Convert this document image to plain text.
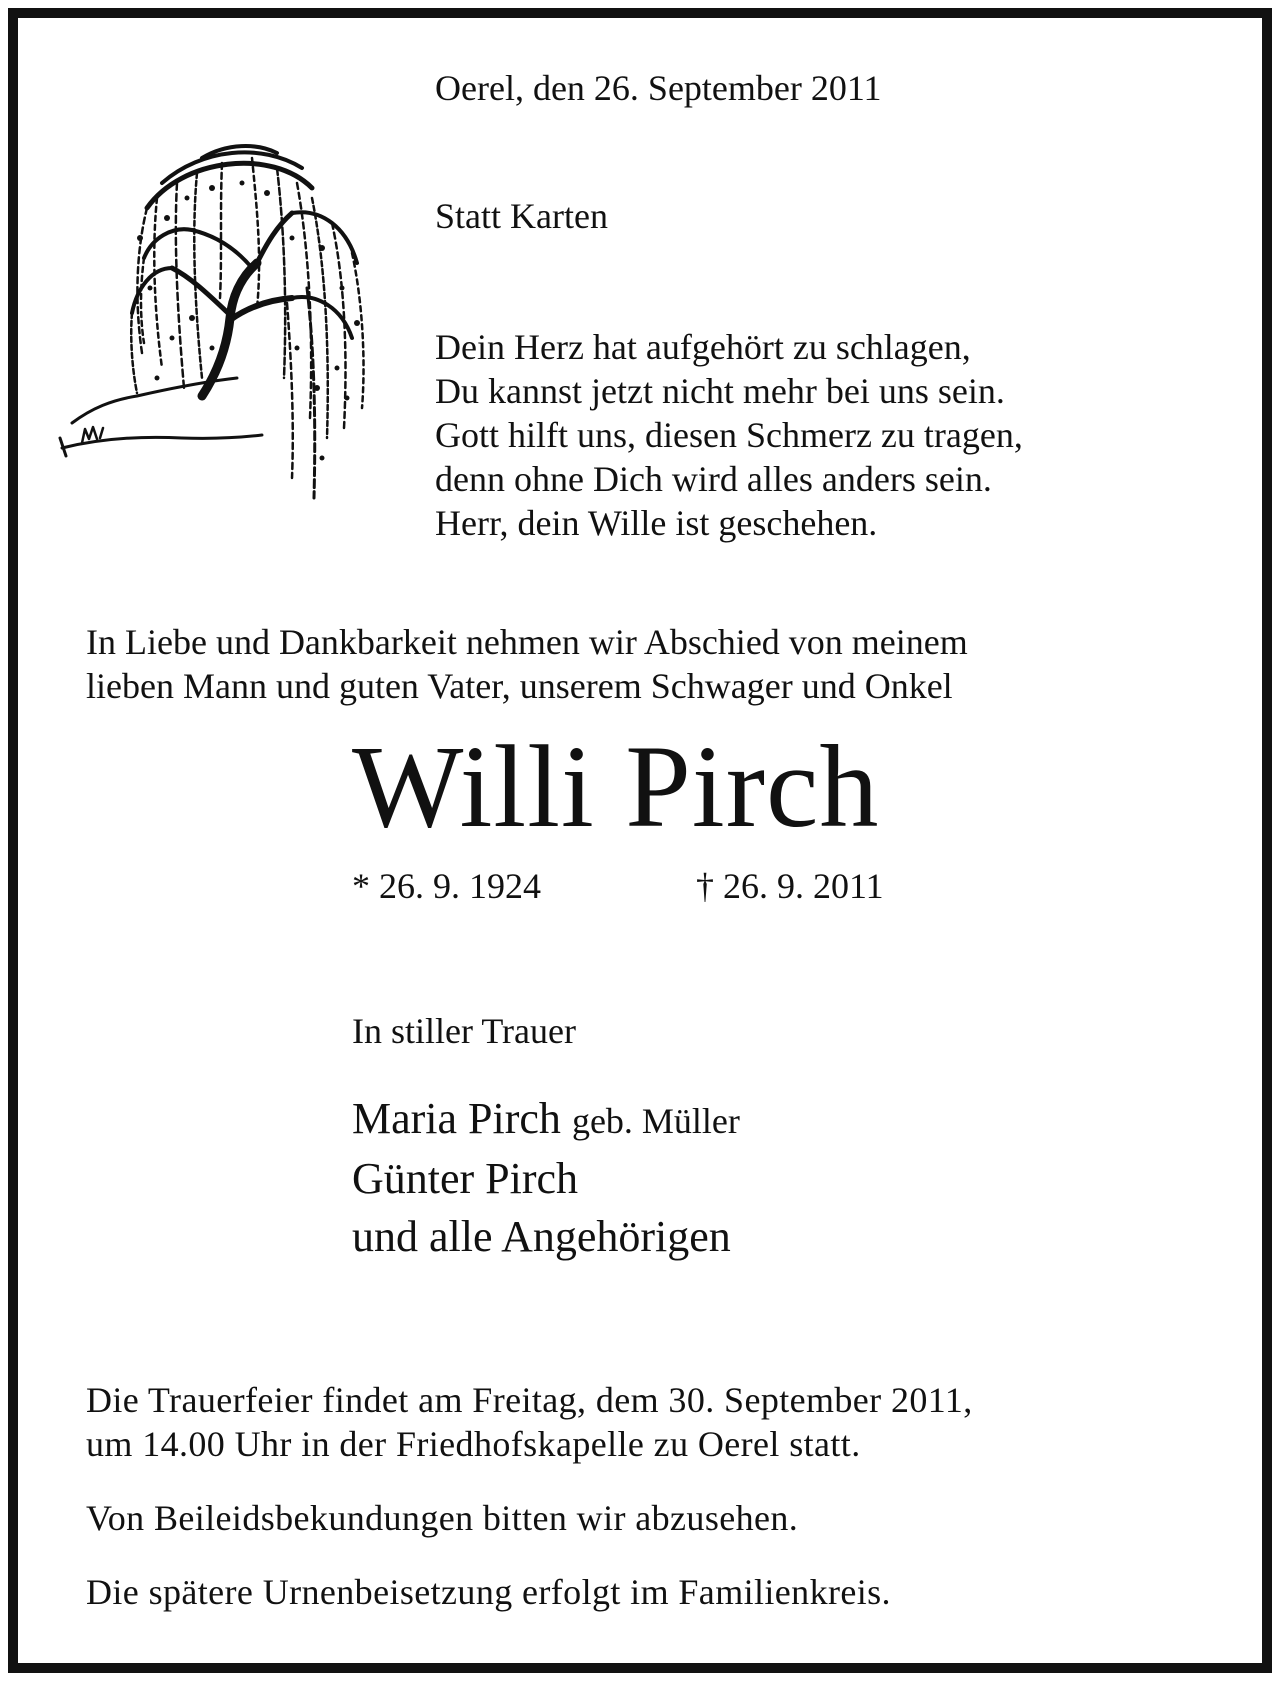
Oerel, den 26. September 2011
Statt Karten
Dein Herz hat aufgehört zu schlagen,
Du kannst jetzt nicht mehr bei uns sein.
Gott hilft uns, diesen Schmerz zu tragen,
denn ohne Dich wird alles anders sein.
Herr, dein Wille ist geschehen.
In Liebe und Dankbarkeit nehmen wir Abschied von meinem
lieben Mann und guten Vater, unserem Schwager und Onkel
Willi Pirch
* 26. 9. 1924	† 26. 9. 2011
In stiller Trauer
Maria Pirch geb. Müller
Günter Pirch
und alle Angehörigen

Die Trauerfeier findet am Freitag, dem 30. September 2011,

um 14.00 Uhr in der Friedhofskapelle zu Oerel statt.

Von Beileidsbekundungen bitten wir abzusehen.

Die spätere Urnenbeisetzung erfolgt im Familienkreis.
